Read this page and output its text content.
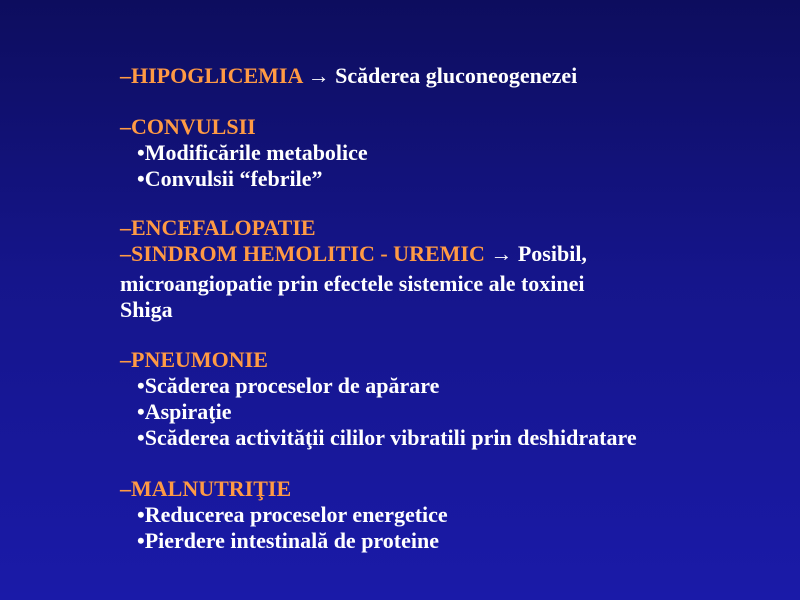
–HIPOGLICEMIA → Scăderea gluconeogenezei
–CONVULSII
•Modificările metabolice
•Convulsii “febrile”
–ENCEFALOPATIE
–SINDROM HEMOLITIC - UREMIC → Posibil,
microangiopatie prin efectele sistemice ale toxinei
Shiga
–PNEUMONIE
•Scăderea proceselor de apărare
•Aspiraţie
•Scăderea activităţii cililor vibratili prin deshidratare
–MALNUTRIŢIE
•Reducerea proceselor energetice
•Pierdere intestinală de proteine
